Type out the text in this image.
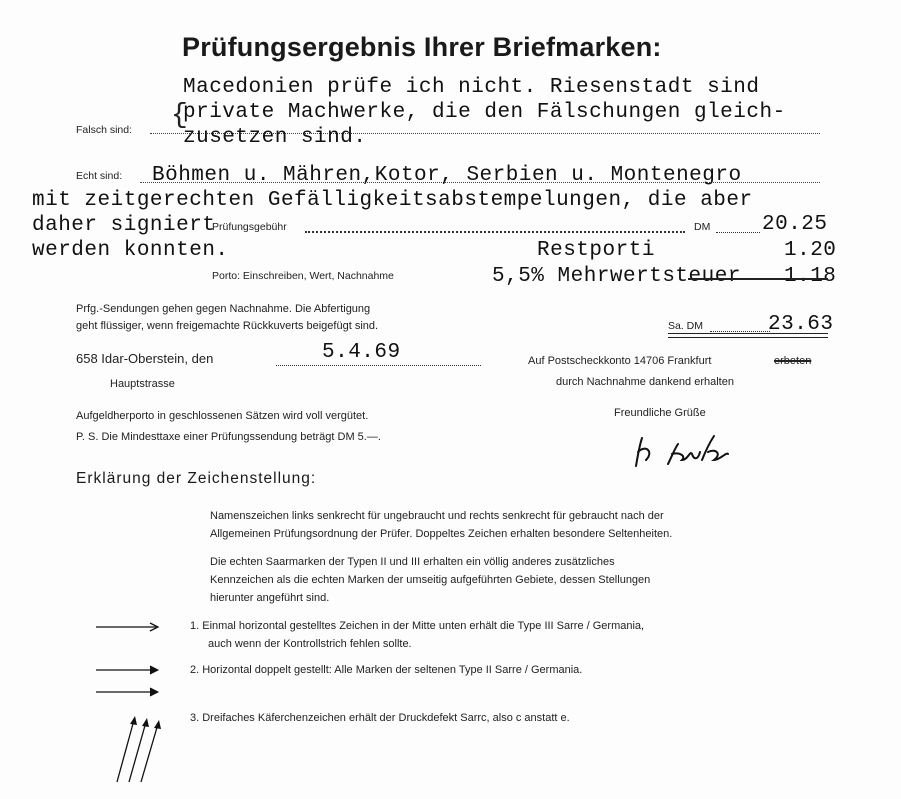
Prüfungsergebnis Ihrer Briefmarken:
Falsch sind: {
Macedonien prüfe ich nicht. Riesenstadt sind
private Machwerke, die den Fälschungen gleich-
zusetzen sind.
Echt sind: Böhmen u. Mähren,Kotor, Serbien u. Montenegro
mit zeitgerechten Gefälligkeitsabstempelungen, die aber
daher signiert
werden konnten.
Prüfungsgebühr	DM 20.25
Restporti	1.20
Porto: Einschreiben, Wert, Nachnahme	5,5% Mehrwertsteuer 1.18
Prfg.-Sendungen gehen gegen Nachnahme. Die Abfertigung
geht flüssiger, wenn freigemachte Rückkuverts beigefügt sind.	Sa. DM	23.63
658 Idar-Oberstein, den	5.4.69
Hauptstrasse
Auf Postscheckkonto 14706 Frankfurt	erbeten
durch Nachnahme dankend erhalten
Aufgeldherporto in geschlossenen Sätzen wird voll vergütet.
P. S. Die Mindesttaxe einer Prüfungssendung beträgt DM 5.—.
Freundliche Grüße
Erklärung der Zeichenstellung:
Namenszeichen links senkrecht für ungebraucht und rechts senkrecht für gebraucht nach der
Allgemeinen Prüfungsordnung der Prüfer. Doppeltes Zeichen erhalten besondere Seltenheiten.
Die echten Saarmarken der Typen II und III erhalten ein völlig anderes zusätzliches
Kennzeichen als die echten Marken der umseitig aufgeführten Gebiete, dessen Stellungen
hierunter angeführt sind.
1. Einmal horizontal gestelltes Zeichen in der Mitte unten erhält die Type III Sarre / Germania,
auch wenn der Kontrollstrich fehlen sollte.
2. Horizontal doppelt gestellt: Alle Marken der seltenen Type II Sarre / Germania.
3. Dreifaches Käferchenzeichen erhält der Druckdefekt Sarrc, also c anstatt e.
